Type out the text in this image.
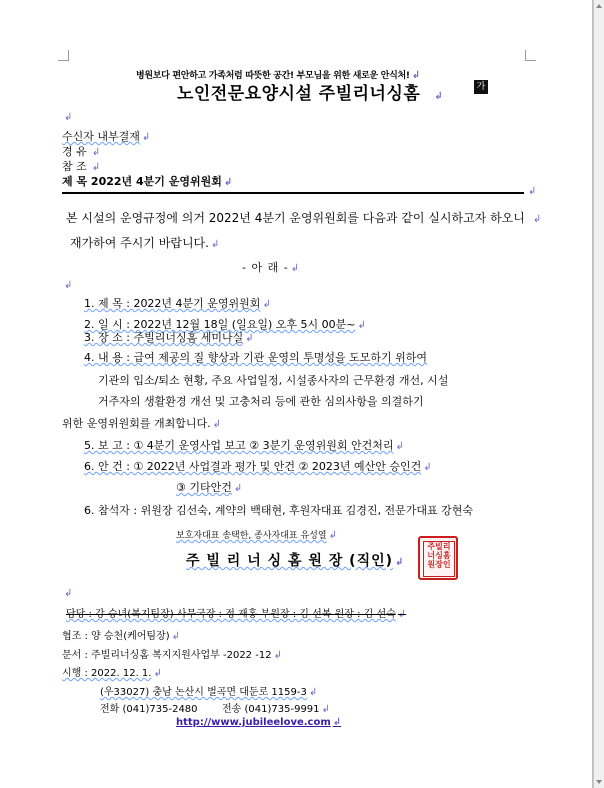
병원보다 편안하고 가족처럼 따뜻한 공간! 부모님을 위한 새로운 안식처! ↲
노인전문요양시설 주빌리너싱홈 ↲
가
↲
수신자 내부결재 ↲
경 유 ↲
참 조 ↲
제 목 2022년 4분기 운영위원회 ↲
↲
본 시설의 운영규정에 의거 2022년 4분기 운영위원회를 다음과 같이 실시하고자 하오니 ↲
재가하여 주시기 바랍니다. ↲
- 아 래 - ↲
↲
1. 제 목 : 2022년 4분기 운영위원회 ↲
2. 일 시 : 2022년 12월 18일 (일요일) 오후 5시 00분~ ↲
3. 장 소 : 주빌리너싱홈 세미나실 ↲
4. 내 용 : 급여 제공의 질 향상과 기관 운영의 투명성을 도모하기 위하여
기관의 입소/퇴소 현황, 주요 사업일정, 시설종사자의 근무환경 개선, 시설
거주자의 생활환경 개선 및 고충처리 등에 관한 심의사항을 의결하기
위한 운영위원회를 개최합니다. ↲
5. 보 고 : ① 4분기 운영사업 보고 ② 3분기 운영위원회 안건처리 ↲
6. 안 건 : ① 2022년 사업결과 평가 및 안건 ② 2023년 예산안 승인건 ↲
③ 기타안건 ↲
6. 참석자 : 위원장 김선숙, 계약의 백태현, 후원자대표 김경진, 전문가대표 강현숙
보호자대표 송택한, 종사자대표 유성열 ↲
주 빌 리 너 싱 홈 원 장 (직인) ↲
주빌리너싱홈원장인
↲
담당 : 강 승녀(복지팀장) 사무국장 : 정 재홍 부원장 : 김 선복 원장 : 김 선숙 ↲
협조 : 양 승천(케어팀장) ↲
문서 : 주빌리너싱홈 복지지원사업부 -2022 -12 ↲
시행 : 2022. 12. 1. ↲
(우33027) 충남 논산시 벌곡면 대둔로 1159-3 ↲
전화 (041)735-2480 전송 (041)735-9991 ↲
http://www.jubileelove.com ↲
